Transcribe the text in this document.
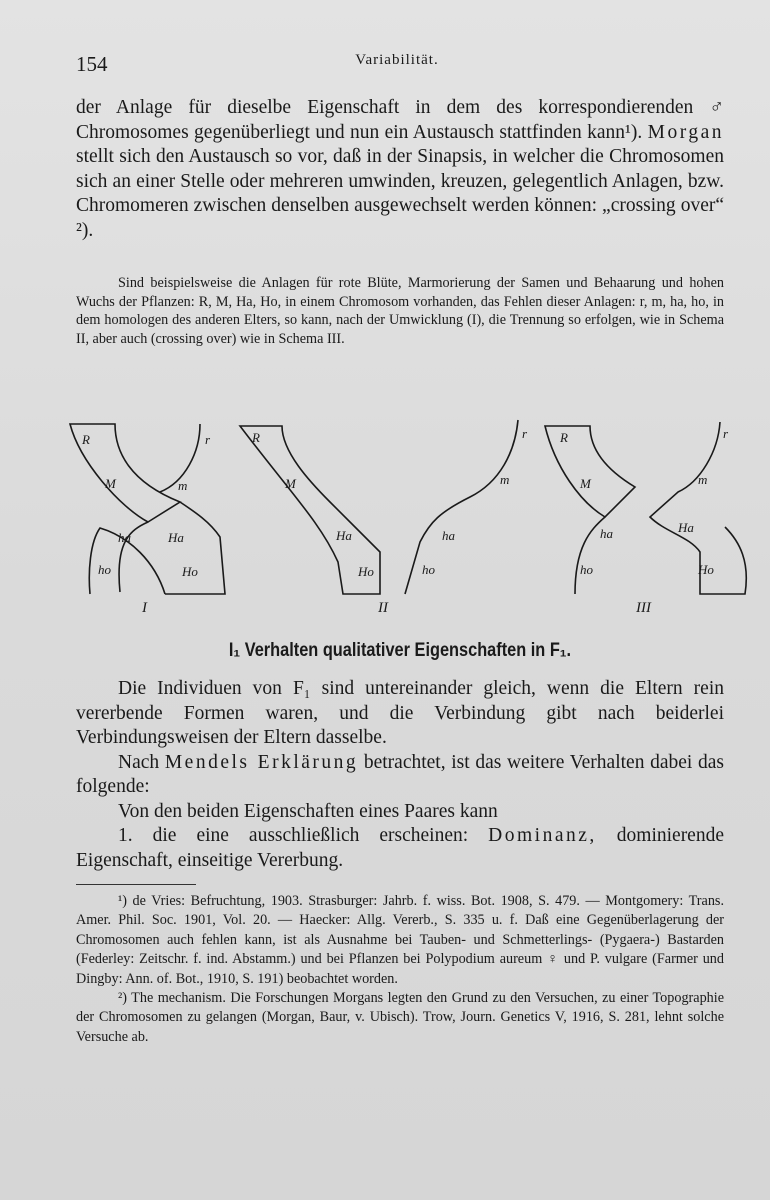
154	Variabilität.

der Anlage für dieselbe Eigenschaft in dem des korrespondierenden ♂ Chromosomes gegenüberliegt und nun ein Austausch stattfinden kann¹). Morgan stellt sich den Austausch so vor, daß in der Sinapsis, in welcher die Chromosomen sich an einer Stelle oder mehreren umwinden, kreuzen, gelegentlich Anlagen, bzw. Chromomeren zwischen denselben ausgewechselt werden können: „crossing over“ ²).

Sind beispielsweise die Anlagen für rote Blüte, Marmorierung der Samen und Behaarung und hohen Wuchs der Pflanzen: R, M, Ha, Ho, in einem Chromosom vorhanden, das Fehlen dieser Anlagen: r, m, ha, ho, in dem homologen des anderen Elters, so kann, nach der Umwicklung (I), die Trennung so erfolgen, wie in Schema II, aber auch (crossing over) wie in Schema III.

R	r
M	m
ha	Ha
ho	Ho
R
M
Ha
Ho
r
m
ha
ho
R
M
ha
ho
r
m
Ha
Ho
I	II	III
I₁ Verhalten qualitativer Eigenschaften in F₁.

Die Individuen von F₁ sind untereinander gleich, wenn die Eltern rein vererbende Formen waren, und die Verbindung gibt nach beiderlei Verbindungsweisen der Eltern dasselbe.

Nach Mendels Erklärung betrachtet, ist das weitere Verhalten dabei das folgende:

Von den beiden Eigenschaften eines Paares kann

1. die eine ausschließlich erscheinen: Dominanz, dominierende Eigenschaft, einseitige Vererbung.

¹) de Vries: Befruchtung, 1903. Strasburger: Jahrb. f. wiss. Bot. 1908, S. 479. — Montgomery: Trans. Amer. Phil. Soc. 1901, Vol. 20. — Haecker: Allg. Vererb., S. 335 u. f. Daß eine Gegenüberlagerung der Chromosomen auch fehlen kann, ist als Ausnahme bei Tauben- und Schmetterlings- (Pygaera-) Bastarden (Federley: Zeitschr. f. ind. Abstamm.) und bei Pflanzen bei Polypodium aureum ♀ und P. vulgare (Farmer und Dingby: Ann. of. Bot., 1910, S. 191) beobachtet worden.

²) The mechanism. Die Forschungen Morgans legten den Grund zu den Versuchen, zu einer Topographie der Chromosomen zu gelangen (Morgan, Baur, v. Ubisch). Trow, Journ. Genetics V, 1916, S. 281, lehnt solche Versuche ab.
